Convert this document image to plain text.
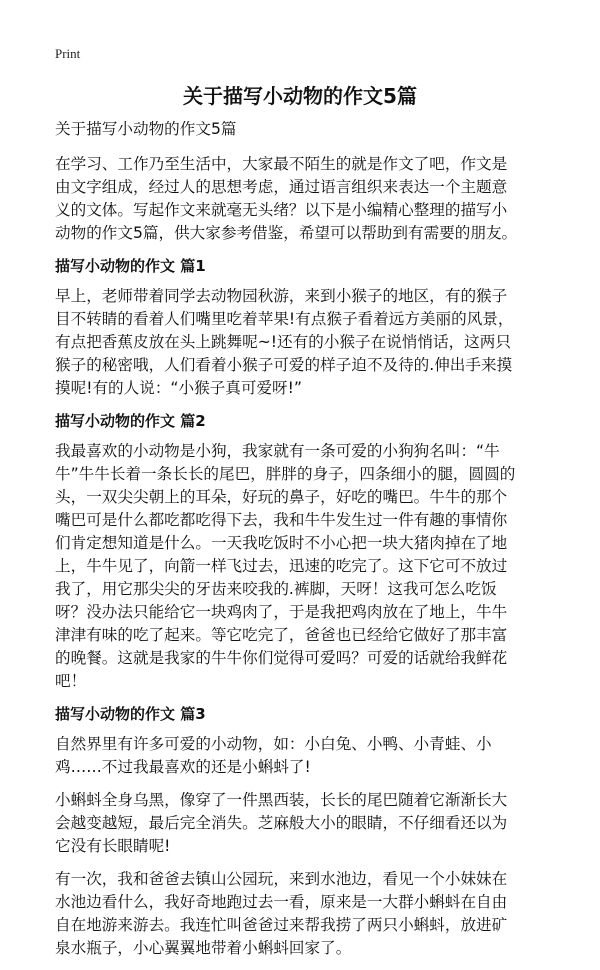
Print
关于描写小动物的作文5篇

关于描写小动物的作文5篇

在学习、工作乃至生活中，大家最不陌生的就是作文了吧，作文是由文字组成，经过人的思想考虑，通过语言组织来表达一个主题意义的文体。写起作文来就毫无头绪？以下是小编精心整理的描写小动物的作文5篇，供大家参考借鉴，希望可以帮助到有需要的朋友。

描写小动物的作文 篇1

早上，老师带着同学去动物园秋游，来到小猴子的地区，有的猴子目不转睛的看着人们嘴里吃着苹果!有点猴子看着远方美丽的风景，有点把香蕉皮放在头上跳舞呢~!还有的小猴子在说悄悄话，这两只猴子的秘密哦，人们看着小猴子可爱的样子迫不及待的.伸出手来摸摸呢!有的人说：“小猴子真可爱呀!”

描写小动物的作文 篇2

我最喜欢的小动物是小狗，我家就有一条可爱的小狗狗名叫：“牛牛”牛牛长着一条长长的尾巴，胖胖的身子，四条细小的腿，圆圆的头，一双尖尖朝上的耳朵，好玩的鼻子，好吃的嘴巴。牛牛的那个嘴巴可是什么都吃都吃得下去，我和牛牛发生过一件有趣的事情你们肯定想知道是什么。一天我吃饭时不小心把一块大猪肉掉在了地上，牛牛见了，向箭一样飞过去，迅速的吃完了。这下它可不放过我了，用它那尖尖的牙齿来咬我的.裤脚，天呀！这我可怎么吃饭呀？没办法只能给它一块鸡肉了，于是我把鸡肉放在了地上，牛牛津津有味的吃了起来。等它吃完了，爸爸也已经给它做好了那丰富的晚餐。这就是我家的牛牛你们觉得可爱吗？可爱的话就给我鲜花吧！

描写小动物的作文 篇3

自然界里有许多可爱的小动物，如：小白兔、小鸭、小青蛙、小鸡……不过我最喜欢的还是小蝌蚪了!

小蝌蚪全身乌黑，像穿了一件黑西装，长长的尾巴随着它渐渐长大会越变越短，最后完全消失。芝麻般大小的眼睛，不仔细看还以为它没有长眼睛呢!

有一次，我和爸爸去镇山公园玩，来到水池边，看见一个小妹妹在水池边看什么，我好奇地跑过去一看，原来是一大群小蝌蚪在自由自在地游来游去。我连忙叫爸爸过来帮我捞了两只小蝌蚪，放进矿泉水瓶子，小心翼翼地带着小蝌蚪回家了。
